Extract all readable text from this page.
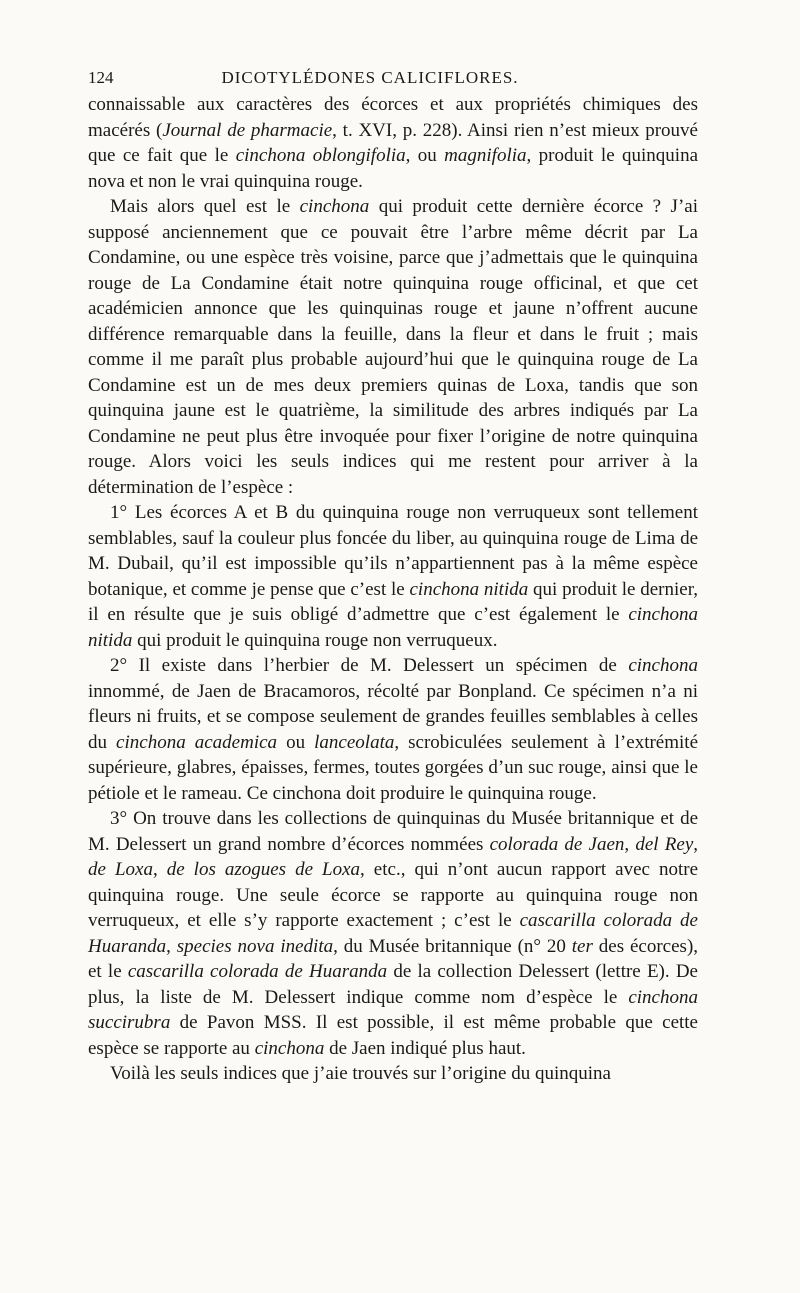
124	DICOTYLÉDONES CALICIFLORES.

connaissable aux caractères des écorces et aux propriétés chimiques des macérés (Journal de pharmacie, t. XVI, p. 228). Ainsi rien n’est mieux prouvé que ce fait que le cinchona oblongifolia, ou magnifolia, produit le quinquina nova et non le vrai quinquina rouge.

Mais alors quel est le cinchona qui produit cette dernière écorce ? J’ai supposé anciennement que ce pouvait être l’arbre même décrit par La Condamine, ou une espèce très voisine, parce que j’admettais que le quinquina rouge de La Condamine était notre quinquina rouge officinal, et que cet académicien annonce que les quinquinas rouge et jaune n’offrent aucune différence remarquable dans la feuille, dans la fleur et dans le fruit ; mais comme il me paraît plus probable aujourd’hui que le quinquina rouge de La Condamine est un de mes deux premiers quinas de Loxa, tandis que son quinquina jaune est le quatrième, la similitude des arbres indiqués par La Condamine ne peut plus être invoquée pour fixer l’origine de notre quinquina rouge. Alors voici les seuls indices qui me restent pour arriver à la détermination de l’espèce :

1° Les écorces A et B du quinquina rouge non verruqueux sont tellement semblables, sauf la couleur plus foncée du liber, au quinquina rouge de Lima de M. Dubail, qu’il est impossible qu’ils n’appartiennent pas à la même espèce botanique, et comme je pense que c’est le cinchona nitida qui produit le dernier, il en résulte que je suis obligé d’admettre que c’est également le cinchona nitida qui produit le quinquina rouge non verruqueux.

2° Il existe dans l’herbier de M. Delessert un spécimen de cinchona innommé, de Jaen de Bracamoros, récolté par Bonpland. Ce spécimen n’a ni fleurs ni fruits, et se compose seulement de grandes feuilles semblables à celles du cinchona academica ou lanceolata, scrobiculées seulement à l’extrémité supérieure, glabres, épaisses, fermes, toutes gorgées d’un suc rouge, ainsi que le pétiole et le rameau. Ce cinchona doit produire le quinquina rouge.

3° On trouve dans les collections de quinquinas du Musée britannique et de M. Delessert un grand nombre d’écorces nommées colorada de Jaen, del Rey, de Loxa, de los azogues de Loxa, etc., qui n’ont aucun rapport avec notre quinquina rouge. Une seule écorce se rapporte au quinquina rouge non verruqueux, et elle s’y rapporte exactement ; c’est le cascarilla colorada de Huaranda, species nova inedita, du Musée britannique (n° 20 ter des écorces), et le cascarilla colorada de Huaranda de la collection Delessert (lettre E). De plus, la liste de M. Delessert indique comme nom d’espèce le cinchona succirubra de Pavon MSS. Il est possible, il est même probable que cette espèce se rapporte au cinchona de Jaen indiqué plus haut.

Voilà les seuls indices que j’aie trouvés sur l’origine du quinquina
